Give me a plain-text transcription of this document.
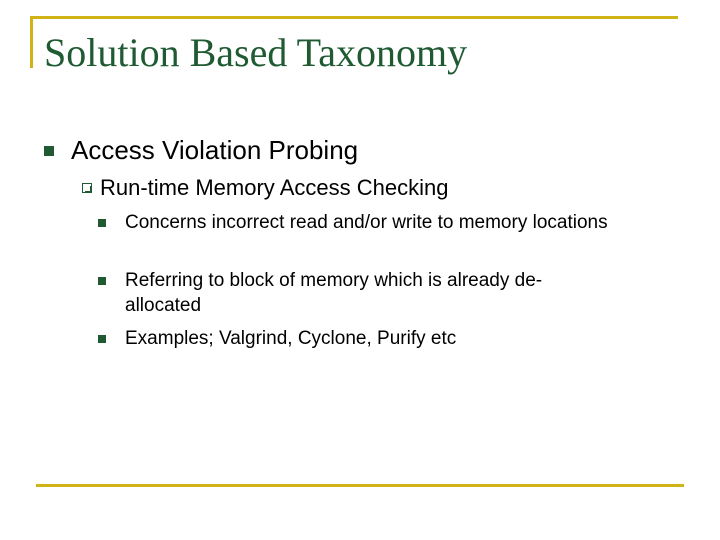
Solution Based Taxonomy
Access Violation Probing
Run-time Memory Access Checking
Concerns incorrect read and/or write to memory locations
Referring to block of memory which is already de-allocated
Examples; Valgrind, Cyclone, Purify etc
